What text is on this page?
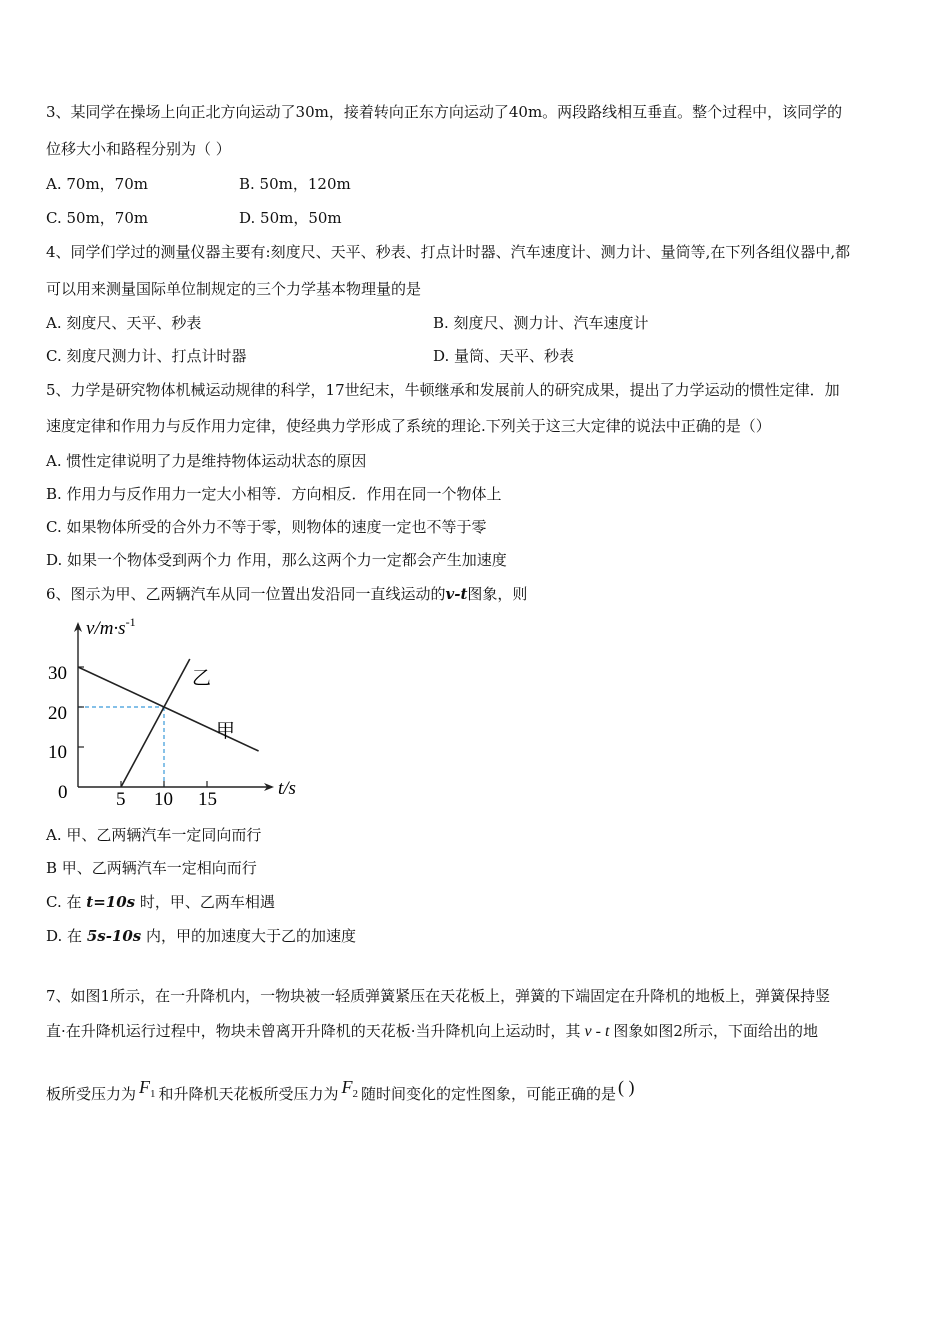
3、某同学在操场上向正北方向运动了30m，接着转向正东方向运动了40m。两段路线相互垂直。整个过程中，该同学的
位移大小和路程分别为（ ）
A. 70m，70m	B. 50m，120m
C. 50m，70m	D. 50m，50m
4、同学们学过的测量仪器主要有:刻度尺、天平、秒表、打点计时器、汽车速度计、测力计、量筒等,在下列各组仪器中,都
可以用来测量国际单位制规定的三个力学基本物理量的是
A. 刻度尺、天平、秒表	B. 刻度尺、测力计、汽车速度计
C. 刻度尺测力计、打点计时器	D. 量筒、天平、秒表
5、力学是研究物体机械运动规律的科学，17世纪末，牛顿继承和发展前人的研究成果，提出了力学运动的惯性定律．加
速度定律和作用力与反作用力定律，使经典力学形成了系统的理论.下列关于这三大定律的说法中正确的是（）
A. 惯性定律说明了力是维持物体运动状态的原因
B. 作用力与反作用力一定大小相等．方向相反．作用在同一个物体上
C. 如果物体所受的合外力不等于零，则物体的速度一定也不等于零
D. 如果一个物体受到两个力 作用，那么这两个力一定都会产生加速度
6、图示为甲、乙两辆汽车从同一位置出发沿同一直线运动的v-t图象，则
$v/m\cdot s^{-1}$
t/s
30
20
10
0	5 10 15
乙
甲
A. 甲、乙两辆汽车一定同向而行
B 甲、乙两辆汽车一定相向而行
C. 在 t=10s 时，甲、乙两车相遇
D. 在 5s-10s 内，甲的加速度大于乙的加速度
7、如图1所示，在一升降机内，一物块被一轻质弹簧紧压在天花板上，弹簧的下端固定在升降机的地板上，弹簧保持竖
直·在升降机运行过程中，物块未曾离开升降机的天花板·当升降机向上运动时，其 v - t 图象如图2所示，下面给出的地
板所受压力为 $F_1$ 和升降机天花板所受压力为 $F_2$ 随时间变化的定性图象，可能正确的是 ( )
